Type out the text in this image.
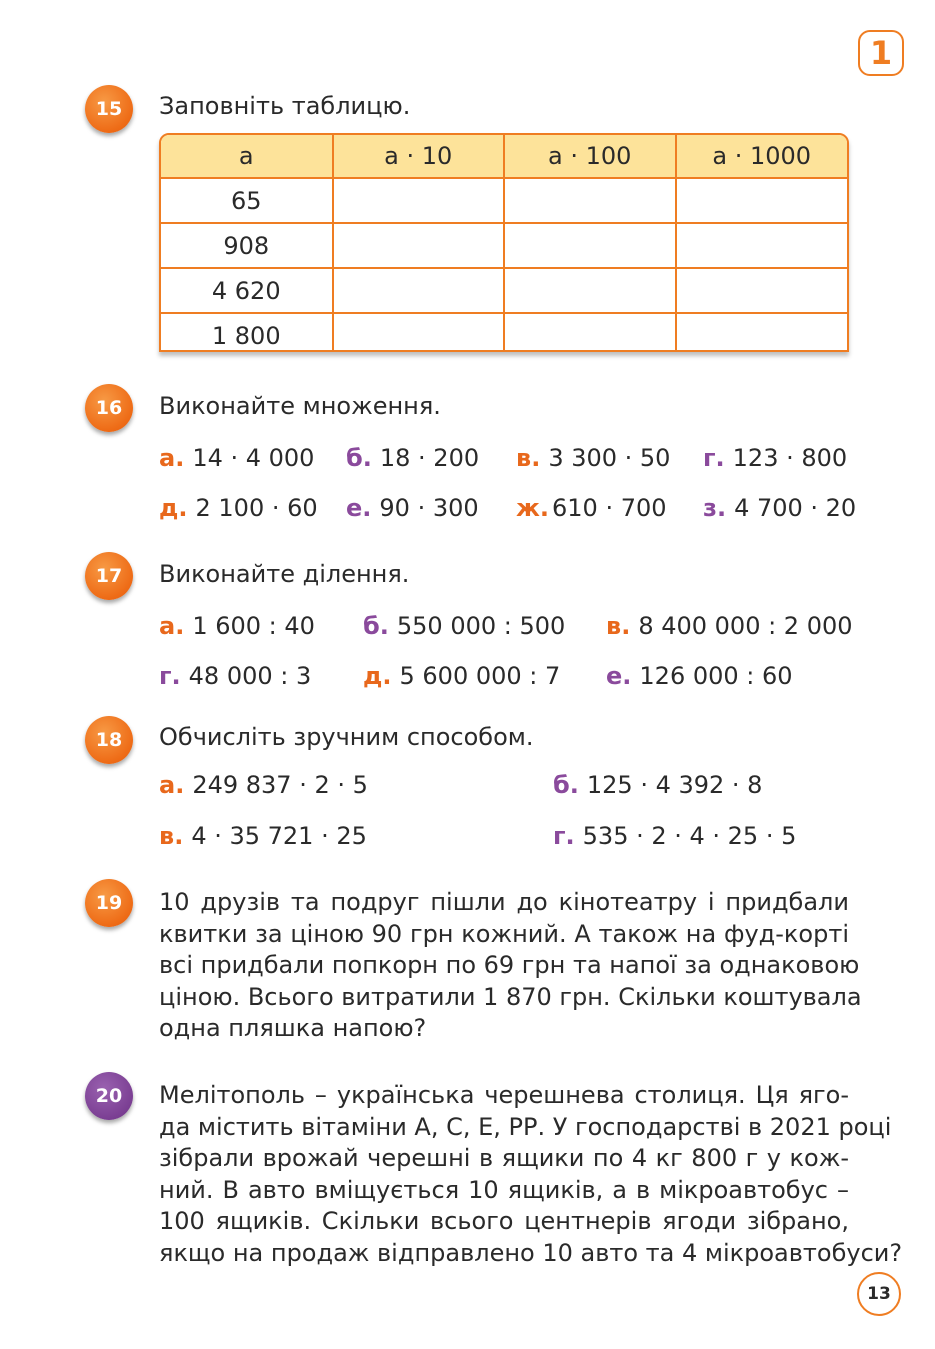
1
15	Заповніть таблицю.
a	a · 10	a · 100	a · 1000
65			
908			
4 620			
1 800			
16	Виконайте множення.
а. 14 · 4 000 б. 18 · 200 в. 3 300 · 50 г. 123 · 800
д. 2 100 · 60 е. 90 · 300 ж. 610 · 700 з. 4 700 · 20
17	Виконайте ділення.
а. 1 600 : 40 б. 550 000 : 500 в. 8 400 000 : 2 000
г. 48 000 : 3 д. 5 600 000 : 7 е. 126 000 : 60
18	Обчисліть зручним способом.
а. 249 837 · 2 · 5	б. 125 · 4 392 · 8
в. 4 · 35 721 · 25	г. 535 · 2 · 4 · 25 · 5
19	10 друзів та подруг пішли до кінотеатру і придбали
квитки за ціною 90 грн кожний. А також на фуд-корті
всі придбали попкорн по 69 грн та напої за однаковою
ціною. Всього витратили 1 870 грн. Скільки коштувала
одна пляшка напою?
20	Мелітополь – українська черешнева столиця. Ця яго-
да містить вітаміни А, С, Е, РР. У господарстві в 2021 році
зібрали врожай черешні в ящики по 4 кг 800 г у кож-
ний. В авто вміщується 10 ящиків, а в мікроавтобус –
100 ящиків. Скільки всього центнерів ягоди зібрано,
якщо на продаж відправлено 10 авто та 4 мікроавтобуси?
13
